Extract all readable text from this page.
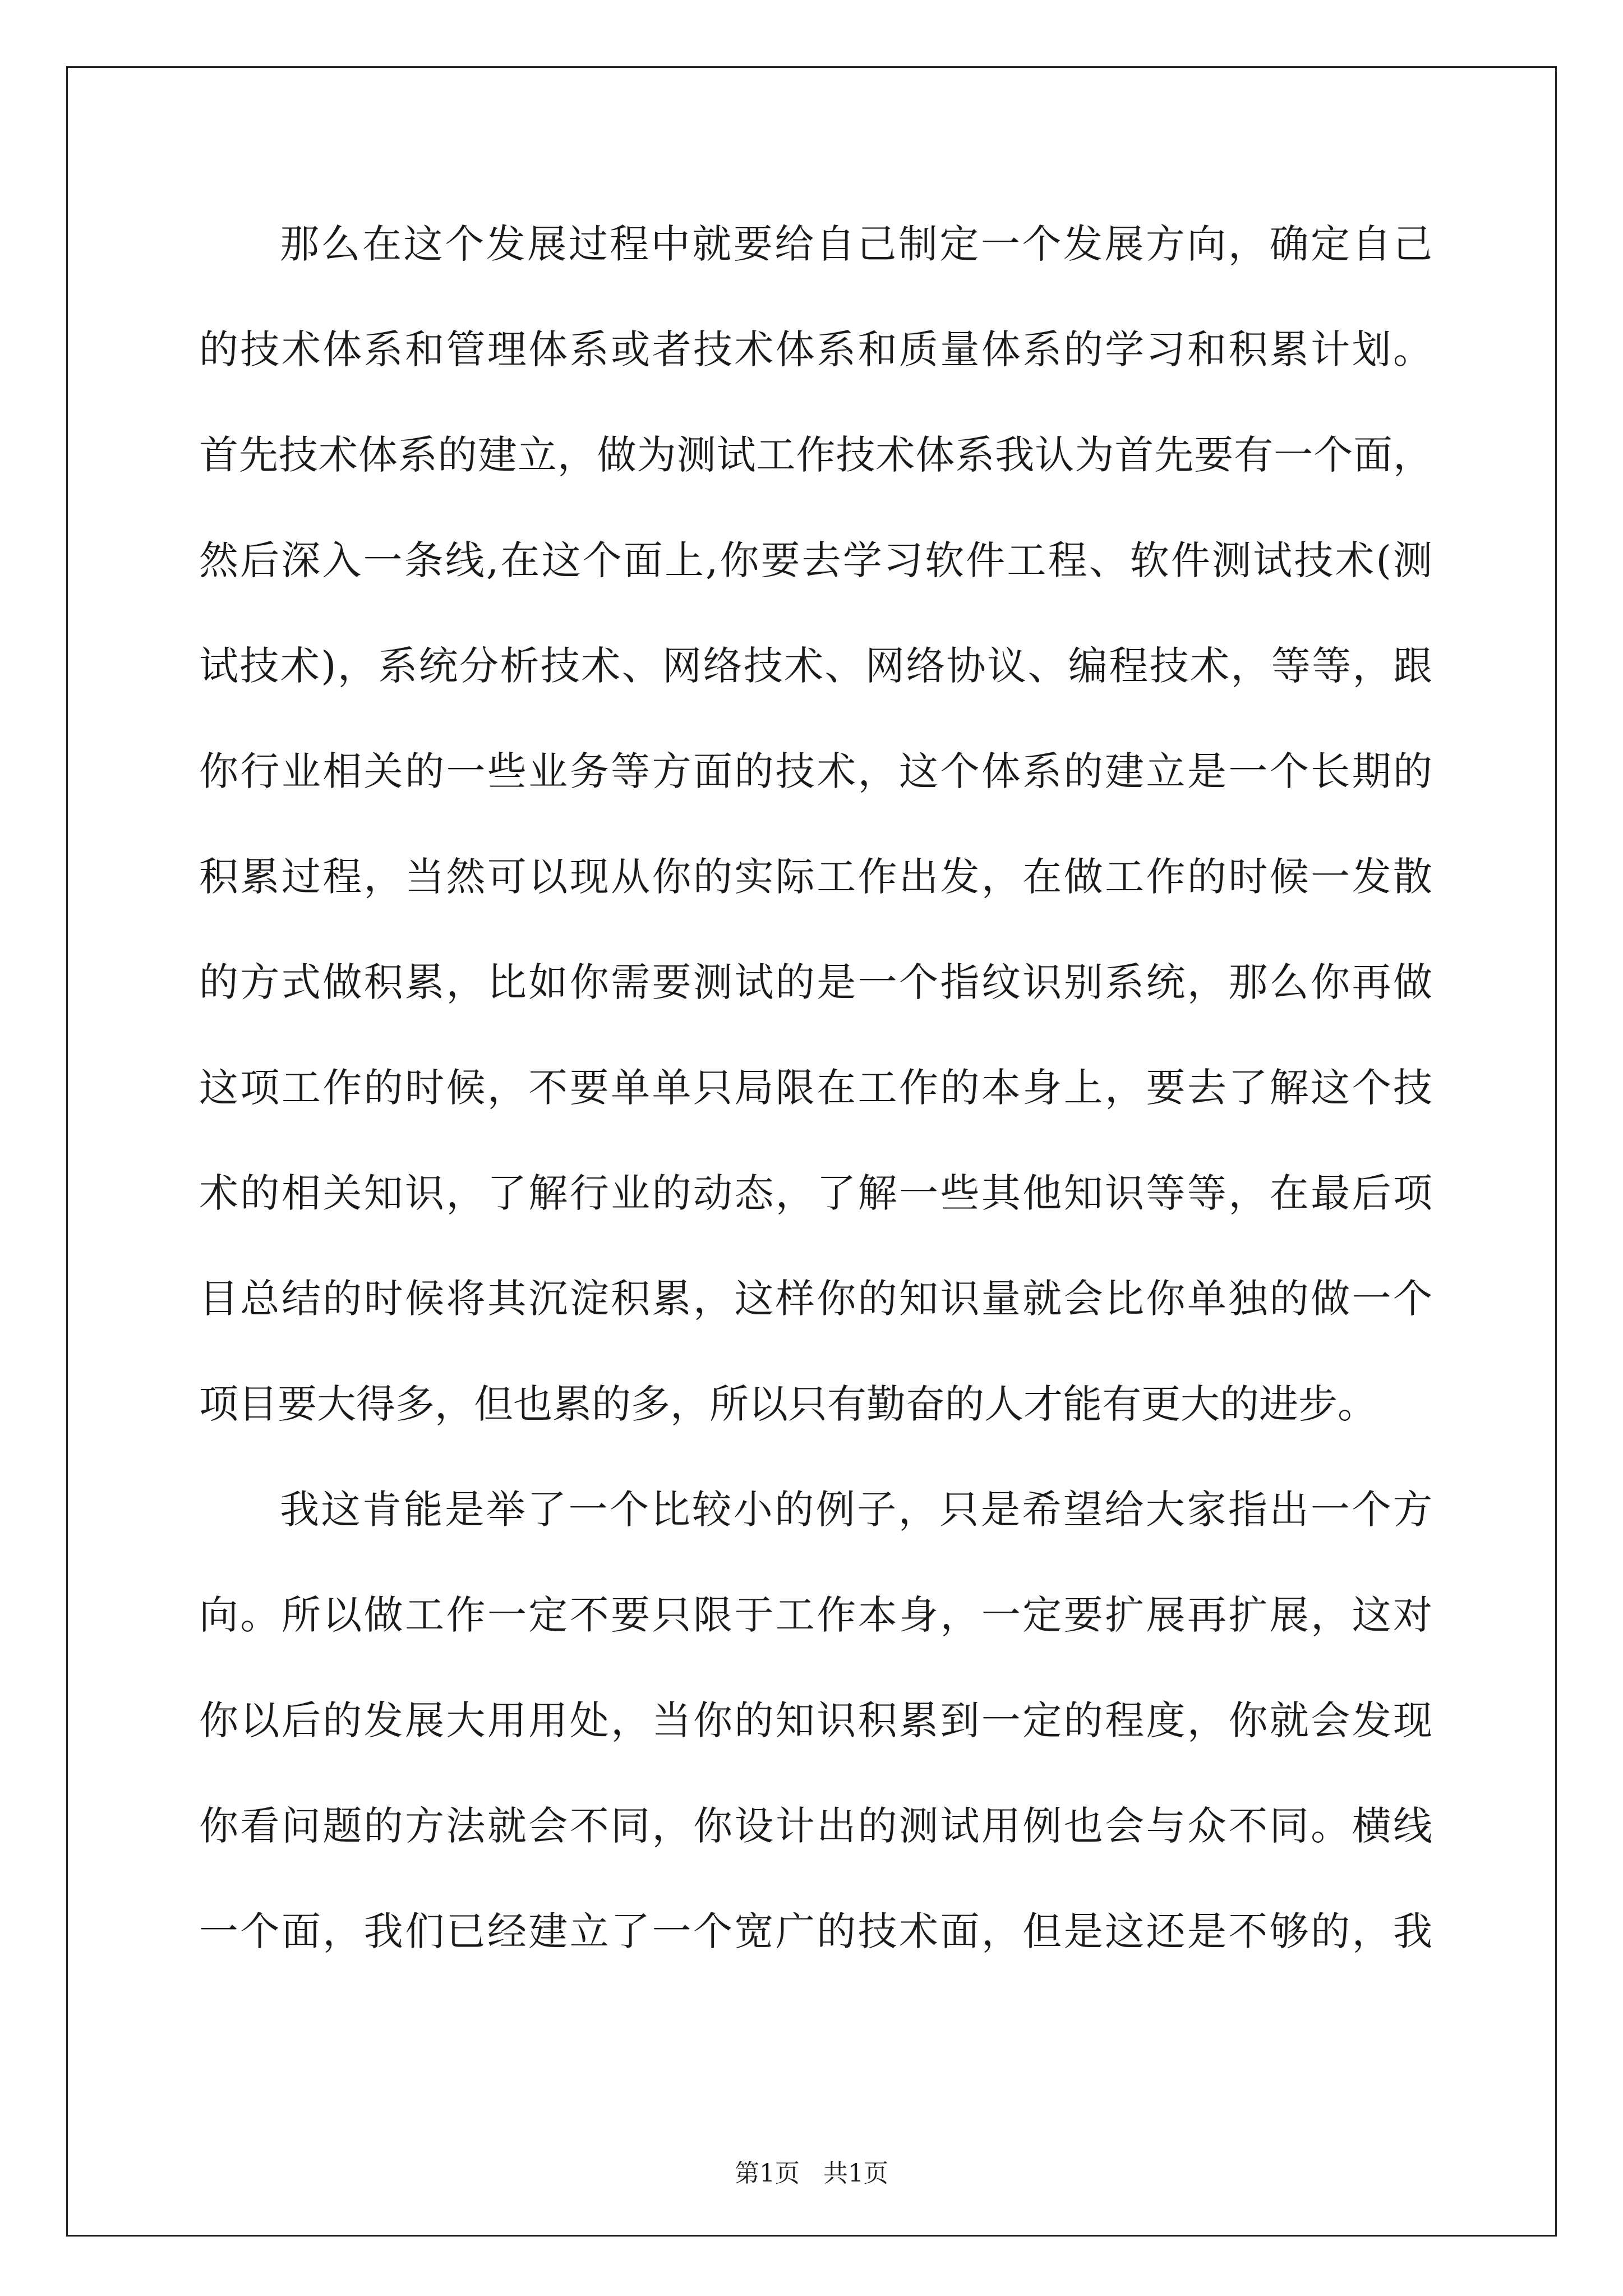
那么在这个发展过程中就要给自己制定一个发展方向，确定自己
的技术体系和管理体系或者技术体系和质量体系的学习和积累计划。
首先技术体系的建立，做为测试工作技术体系我认为首先要有一个面，
然后深入一条线,在这个面上,你要去学习软件工程、软件测试技术(测
试技术)，系统分析技术、网络技术、网络协议、编程技术，等等，跟
你行业相关的一些业务等方面的技术，这个体系的建立是一个长期的
积累过程，当然可以现从你的实际工作出发，在做工作的时候一发散
的方式做积累，比如你需要测试的是一个指纹识别系统，那么你再做
这项工作的时候，不要单单只局限在工作的本身上，要去了解这个技
术的相关知识，了解行业的动态，了解一些其他知识等等，在最后项
目总结的时候将其沉淀积累，这样你的知识量就会比你单独的做一个
项目要大得多，但也累的多，所以只有勤奋的人才能有更大的进步。
我这肯能是举了一个比较小的例子，只是希望给大家指出一个方
向。所以做工作一定不要只限于工作本身，一定要扩展再扩展，这对
你以后的发展大用用处，当你的知识积累到一定的程度，你就会发现
你看问题的方法就会不同，你设计出的测试用例也会与众不同。横线
一个面，我们已经建立了一个宽广的技术面，但是这还是不够的，我
第1页   共1页
